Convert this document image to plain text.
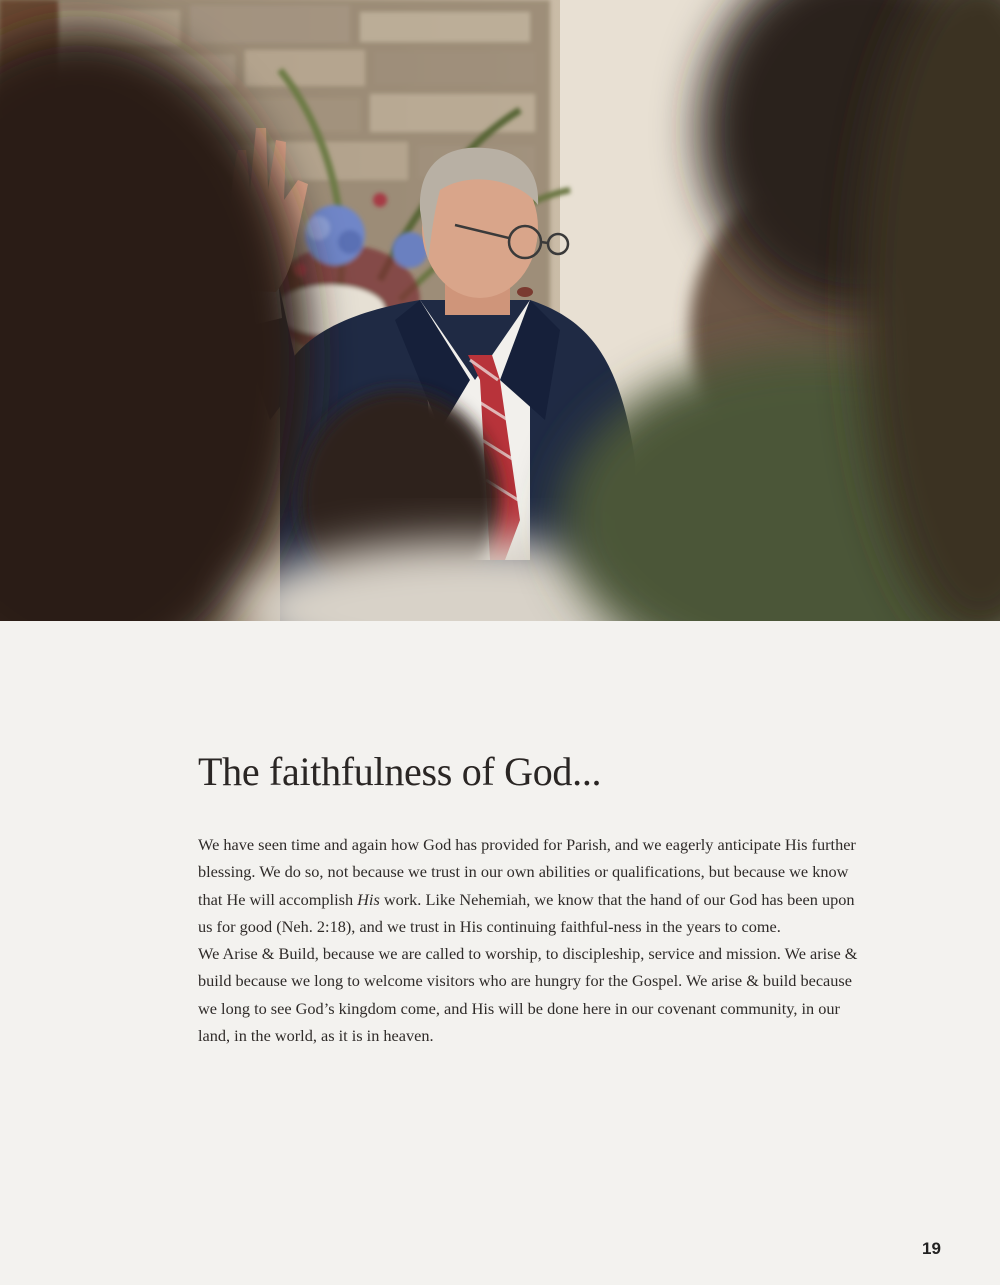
The faithfulness of God...

We have seen time and again how God has provided for Parish, and we eagerly anticipate His further blessing. We do so, not because we trust in our own abilities or qualifications, but because we know that He will accomplish His work. Like Nehemiah, we know that the hand of our God has been upon us for good (Neh. 2:18), and we trust in His continuing faithful-ness in the years to come.

We Arise & Build, because we are called to worship, to discipleship, service and mission. We arise & build because we long to welcome visitors who are hungry for the Gospel. We arise & build because we long to see God’s kingdom come, and His will be done here in our covenant community, in our land, in the world, as it is in heaven.

19
